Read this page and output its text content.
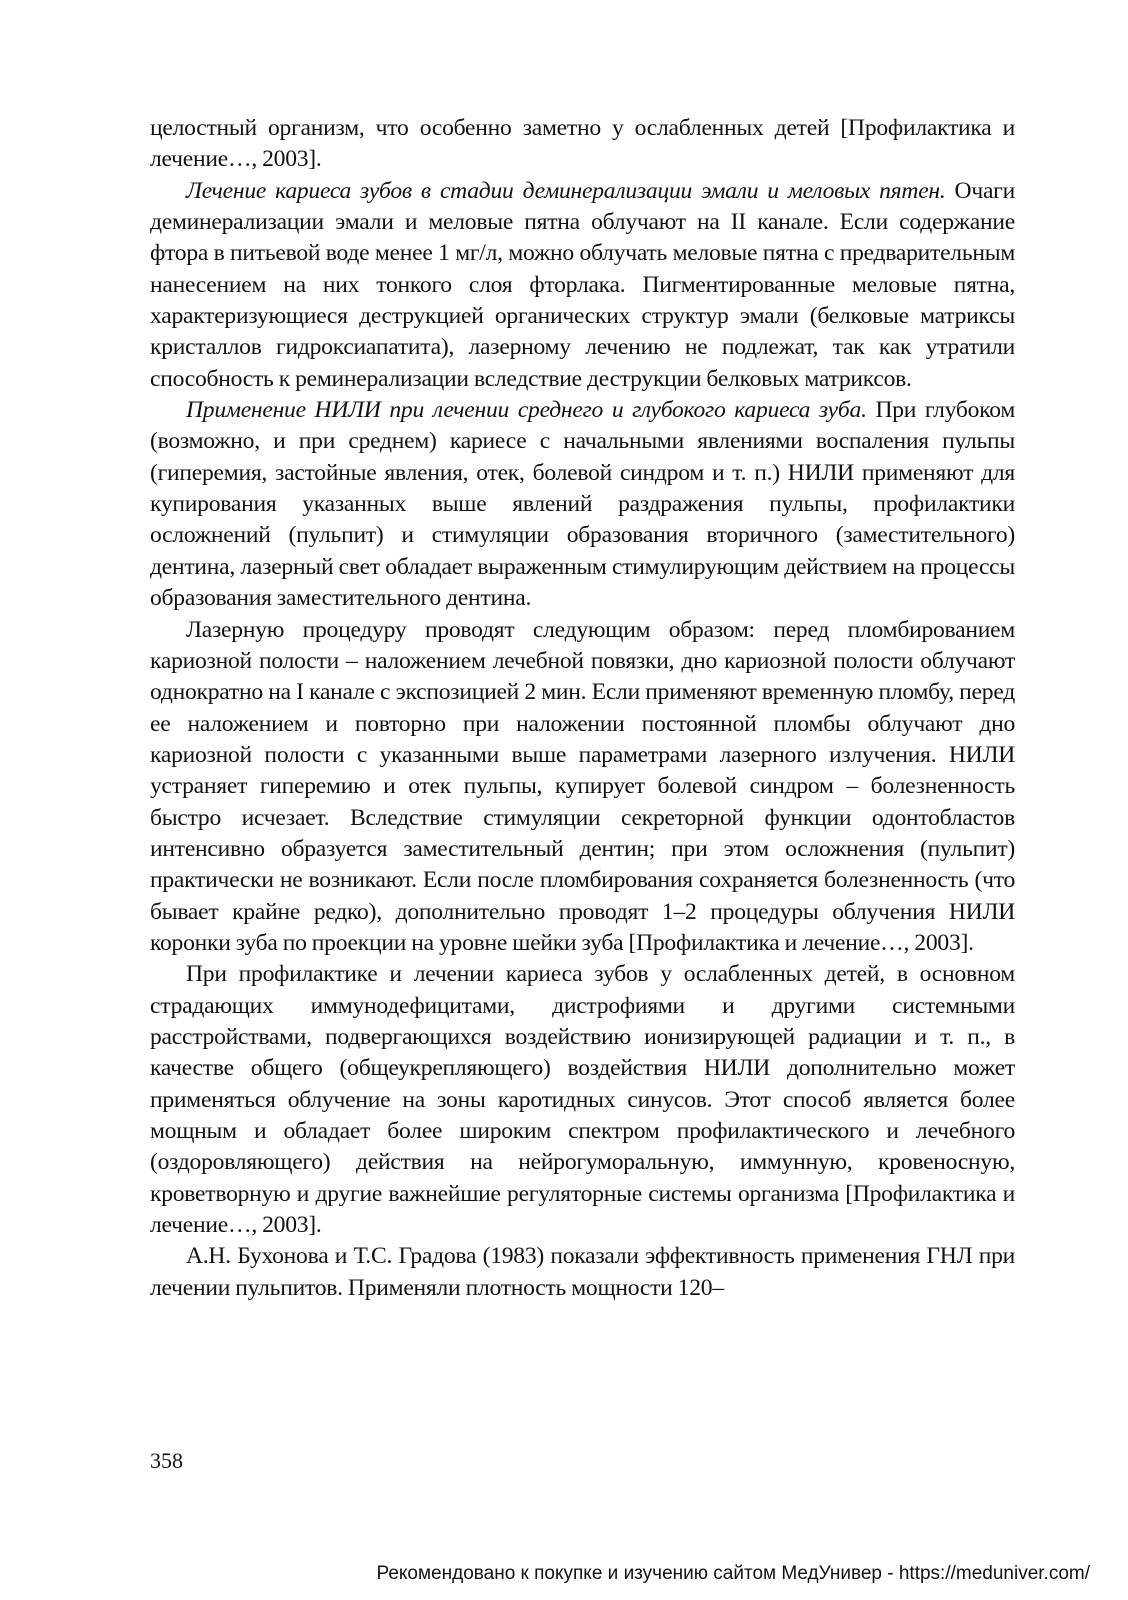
целостный организм, что особенно заметно у ослабленных детей [Профилактика и лечение…, 2003].

Лечение кариеса зубов в стадии деминерализации эмали и меловых пятен. Очаги деминерализации эмали и меловые пятна облучают на II канале. Если содержание фтора в питьевой воде менее 1 мг/л, можно облучать меловые пятна с предварительным нанесением на них тонкого слоя фторлака. Пигментированные меловые пятна, характеризующиеся деструкцией органических структур эмали (белковые матриксы кристаллов гидроксиапатита), лазерному лечению не подлежат, так как утратили способность к реминерализации вследствие деструкции белковых матриксов.

Применение НИЛИ при лечении среднего и глубокого кариеса зуба. При глубоком (возможно, и при среднем) кариесе с начальными явлениями воспаления пульпы (гиперемия, застойные явления, отек, болевой синдром и т. п.) НИЛИ применяют для купирования указанных выше явлений раздражения пульпы, профилактики осложнений (пульпит) и стимуляции образования вторичного (заместительного) дентина, лазерный свет обладает выраженным стимулирующим действием на процессы образования заместительного дентина.

Лазерную процедуру проводят следующим образом: перед пломбированием кариозной полости – наложением лечебной повязки, дно кариозной полости облучают однократно на I канале с экспозицией 2 мин. Если применяют временную пломбу, перед ее наложением и повторно при наложении постоянной пломбы облучают дно кариозной полости с указанными выше параметрами лазерного излучения. НИЛИ устраняет гиперемию и отек пульпы, купирует болевой синдром – болезненность быстро исчезает. Вследствие стимуляции секреторной функции одонтобластов интенсивно образуется заместительный дентин; при этом осложнения (пульпит) практически не возникают. Если после пломбирования сохраняется болезненность (что бывает крайне редко), дополнительно проводят 1–2 процедуры облучения НИЛИ коронки зуба по проекции на уровне шейки зуба [Профилактика и лечение…, 2003].

При профилактике и лечении кариеса зубов у ослабленных детей, в основном страдающих иммунодефицитами, дистрофиями и другими системными расстройствами, подвергающихся воздействию ионизирующей радиации и т. п., в качестве общего (общеукрепляющего) воздействия НИЛИ дополнительно может применяться облучение на зоны каротидных синусов. Этот способ является более мощным и обладает более широким спектром профилактического и лечебного (оздоровляющего) действия на нейрогуморальную, иммунную, кровеносную, кроветворную и другие важнейшие регуляторные системы организма [Профилактика и лечение…, 2003].

А.Н. Бухонова и Т.С. Градова (1983) показали эффективность применения ГНЛ при лечении пульпитов. Применяли плотность мощности 120–

358
Рекомендовано к покупке и изучению сайтом МедУнивер - https://meduniver.com/
